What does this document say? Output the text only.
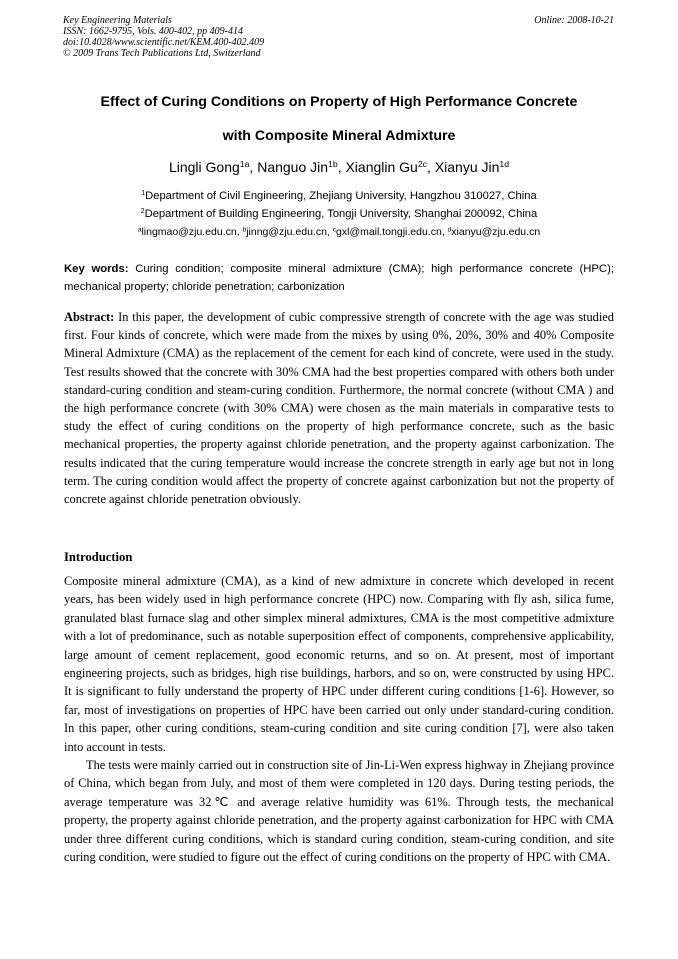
Key Engineering Materials
ISSN: 1662-9795, Vols. 400-402, pp 409-414
doi:10.4028/www.scientific.net/KEM.400-402.409
© 2009 Trans Tech Publications Ltd, Switzerland
Online: 2008-10-21
Effect of Curing Conditions on Property of High Performance Concrete
with Composite Mineral Admixture
Lingli Gong$^{1a}$, Nanguo Jin$^{1b}$, Xianglin $Gu^{2c}$, Xianyu Jin$^{1d}$
$^1$Department of Civil Engineering, Zhejiang University, Hangzhou 310027, China
$^2$Department of Building Engineering, Tongji University, Shanghai 200092, China
$^a$lingmao@zju.edu.cn, $^b$jinng@zju.edu.cn, $^c$gxl@mail.tongji.edu.cn, $^d$xianyu@zju.edu.cn
Key words: Curing condition; composite mineral admixture (CMA); high performance concrete (HPC); mechanical property; chloride penetration; carbonization
Abstract: In this paper, the development of cubic compressive strength of concrete with the age was studied first. Four kinds of concrete, which were made from the mixes by using 0%, 20%, 30% and 40% Composite Mineral Admixture (CMA) as the replacement of the cement for each kind of concrete, were used in the study. Test results showed that the concrete with 30% CMA had the best properties compared with others both under standard-curing condition and steam-curing condition. Furthermore, the normal concrete (without CMA ) and the high performance concrete (with 30% CMA) were chosen as the main materials in comparative tests to study the effect of curing conditions on the property of high performance concrete, such as the basic mechanical properties, the property against chloride penetration, and the property against carbonization. The results indicated that the curing temperature would increase the concrete strength in early age but not in long term. The curing condition would affect the property of concrete against carbonization but not the property of concrete against chloride penetration obviously.
Introduction

Composite mineral admixture (CMA), as a kind of new admixture in concrete which developed in recent years, has been widely used in high performance concrete (HPC) now. Comparing with fly ash, silica fume, granulated blast furnace slag and other simplex mineral admixtures, CMA is the most competitive admixture with a lot of predominance, such as notable superposition effect of components, comprehensive applicability, large amount of cement replacement, good economic returns, and so on. At present, most of important engineering projects, such as bridges, high rise buildings, harbors, and so on, were constructed by using HPC. It is significant to fully understand the property of HPC under different curing conditions [1-6]. However, so far, most of investigations on properties of HPC have been carried out only under standard-curing condition. In this paper, other curing conditions, steam-curing condition and site curing condition [7], were also taken into account in tests.

The tests were mainly carried out in construction site of Jin-Li-Wen express highway in Zhejiang province of China, which began from July, and most of them were completed in 120 days. During testing periods, the average temperature was 32℃ and average relative humidity was 61%. Through tests, the mechanical property, the property against chloride penetration, and the property against carbonization for HPC with CMA under three different curing conditions, which is standard curing condition, steam-curing condition, and site curing condition, were studied to figure out the effect of curing conditions on the property of HPC with CMA.
